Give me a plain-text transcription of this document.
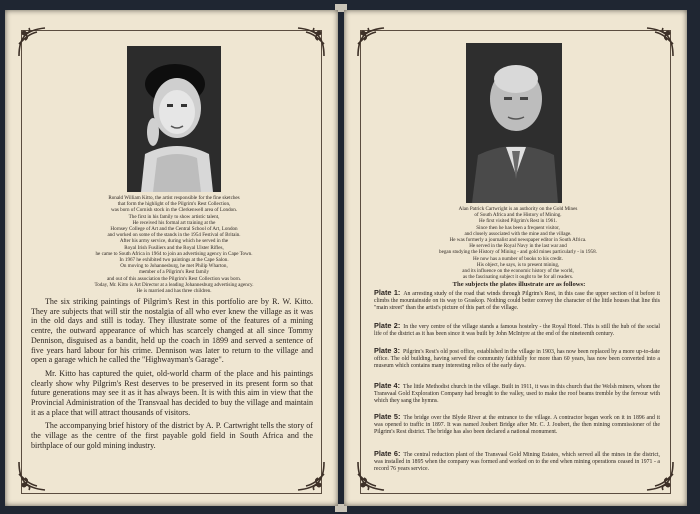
Ronald William Kitto, the artist responsible for the fine sketches
that form the highlight of the Pilgrim's Rest Collection,
was born of Cornish stock in the Clerkenwell area of London.
The first in his family to show artistic talent,
He received his formal art training at the
Hornsey College of Art and the Central School of Art, London
and worked on some of the stands in the 1954 Festival of Britain.
After his army service, during which he served in the
Royal Irish Fusiliers and the Royal Ulster Rifles,
he came to South Africa in 1964 to join an advertising agency in Cape Town.
In 1967 he exhibited two paintings at the Cape Salon.
On moving to Johannesburg, he met Philip Wharton,
member of a Pilgrim's Rest family
and out of this association the Pilgrim's Rest Collection was born.
Today, Mr. Kitto is Art Director at a leading Johannesburg advertising agency.
He is married and has three children.

The six striking paintings of Pilgrim's Rest in this portfolio are by R. W. Kitto. They are subjects that will stir the nostalgia of all who ever knew the village as it was in the old days and still is today. They illustrate some of the features of a mining centre, the outward appearance of which has scarcely changed at all since Tommy Dennison, disguised as a bandit, held up the coach in 1899 and served a sentence of five years hard labour for his crime. Dennison was later to return to the village and open a garage which he called the "Highwayman's Garage".

Mr. Kitto has captured the quiet, old-world charm of the place and his paintings clearly show why Pilgrim's Rest deserves to be preserved in its present form so that future generations may see it as it has always been. It is with this aim in view that the Provincial Administration of the Transvaal has decided to buy the village and maintain it as a place that will attract thousands of visitors.

The accompanying brief history of the district by A. P. Cartwright tells the story of the village as the centre of the first payable gold field in South Africa and the birthplace of our gold mining industry.

Alan Patrick Cartwright is an authority on the Gold Mines
of South Africa and the History of Mining.
He first visited Pilgrim's Rest in 1961.
Since then he has been a frequent visitor,
and closely associated with the mine and the village.
He was formerly a journalist and newspaper editor in South Africa.
He served in the Royal Navy in the last war and
began studying the History of Mining - and gold mines particularly - in 1958.
He now has a number of books to his credit.
His object, he says, is to present mining,
and its influence on the economic history of the world,
as the fascinating subject it ought to be for all readers.
The subjects the plates illustrate are as follows:
Plate 1: An arresting study of the road that winds through Pilgrim's Rest, in this case the upper section of it before it climbs the mountainside on its way to Graskop. Nothing could better convey the character of the little houses that line this "main street" than the artist's picture of this part of the village.
Plate 2: In the very centre of the village stands a famous hostelry - the Royal Hotel. This is still the hub of the social life of the district as it has been since it was built by John McIntyre at the end of the nineteenth century.
Plate 3: Pilgrim's Rest's old post office, established in the village in 1903, has now been replaced by a more up-to-date office. The old building, having served the community faithfully for more than 60 years, has now been converted into a museum which contains many interesting relics of the early days.
Plate 4: The little Methodist church in the village. Built in 1911, it was in this church that the Welsh miners, whom the Transvaal Gold Exploration Company had brought to the valley, used to make the roof beams tremble by the fervour with which they sang the hymns.
Plate 5: The bridge over the Blyde River at the entrance to the village. A contractor began work on it in 1896 and it was opened to traffic in 1897. It was named Joubert Bridge after Mr. C. J. Joubert, the then mining commissioner of the Pilgrim's Rest district. The bridge has also been declared a national monument.
Plate 6: The central reduction plant of the Transvaal Gold Mining Estates, which served all the mines in the district, was installed in 1895 when the company was formed and worked on to the end when mining operations ceased in 1971 - a record 76 years service.
